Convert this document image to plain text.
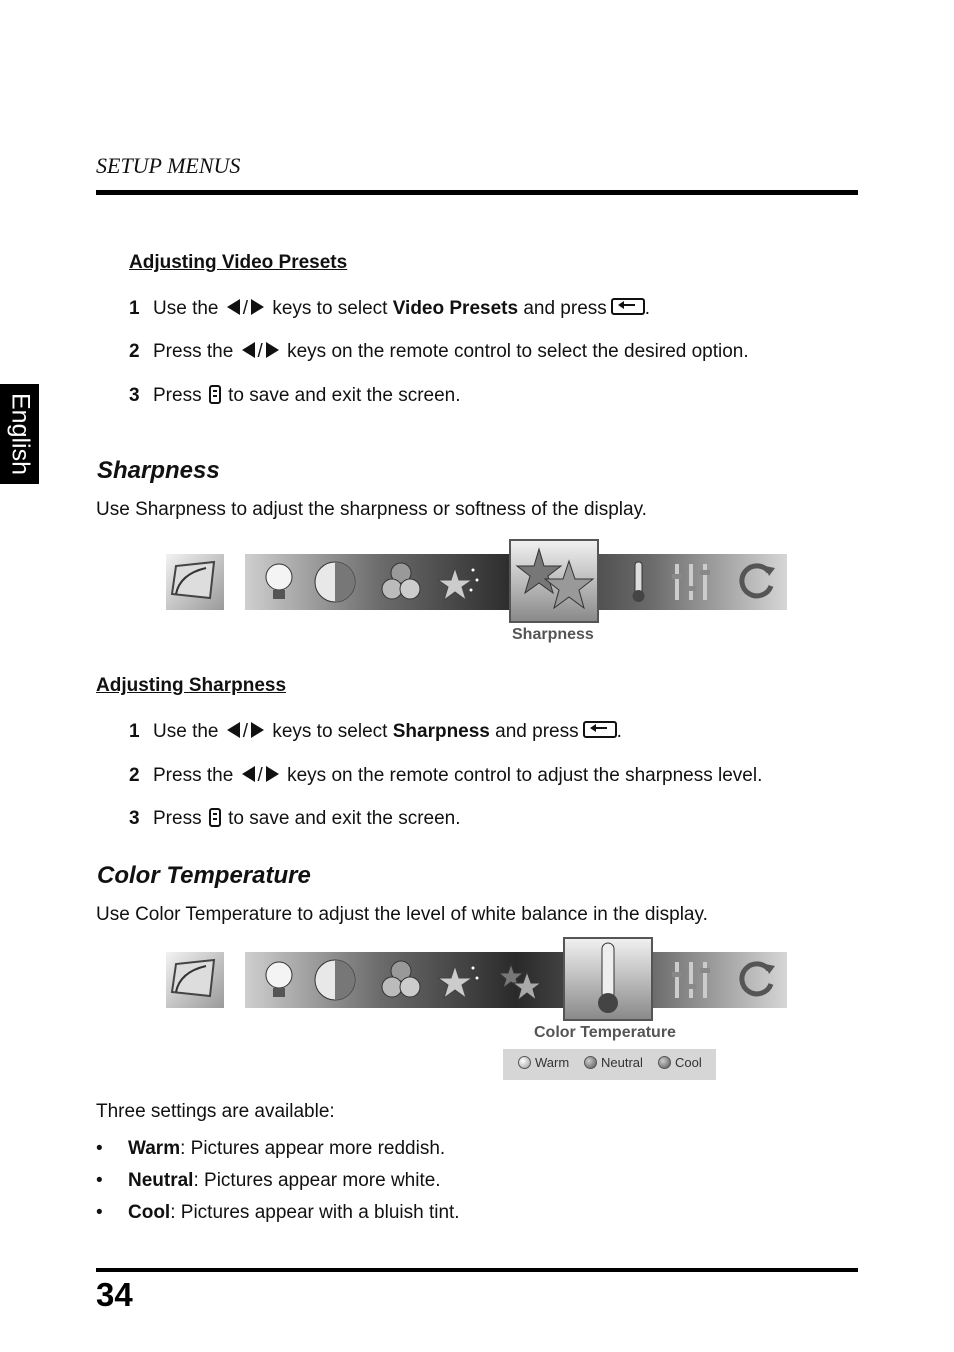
SETUP MENUS
English
Adjusting Video Presets
1 Use the / keys to select Video Presets and press .
2 Press the / keys on the remote control to select the desired option.
3 Press to save and exit the screen.
Sharpness
Use Sharpness to adjust the sharpness or softness of the display.
Sharpness
Adjusting Sharpness
1 Use the / keys to select Sharpness and press .
2 Press the / keys on the remote control to adjust the sharpness level.
3 Press to save and exit the screen.
Color Temperature
Use Color Temperature to adjust the level of white balance in the display.
Color Temperature
Warm	Neutral	Cool
Three settings are available:
• Warm: Pictures appear more reddish.
• Neutral: Pictures appear more white.
• Cool: Pictures appear with a bluish tint.
34
